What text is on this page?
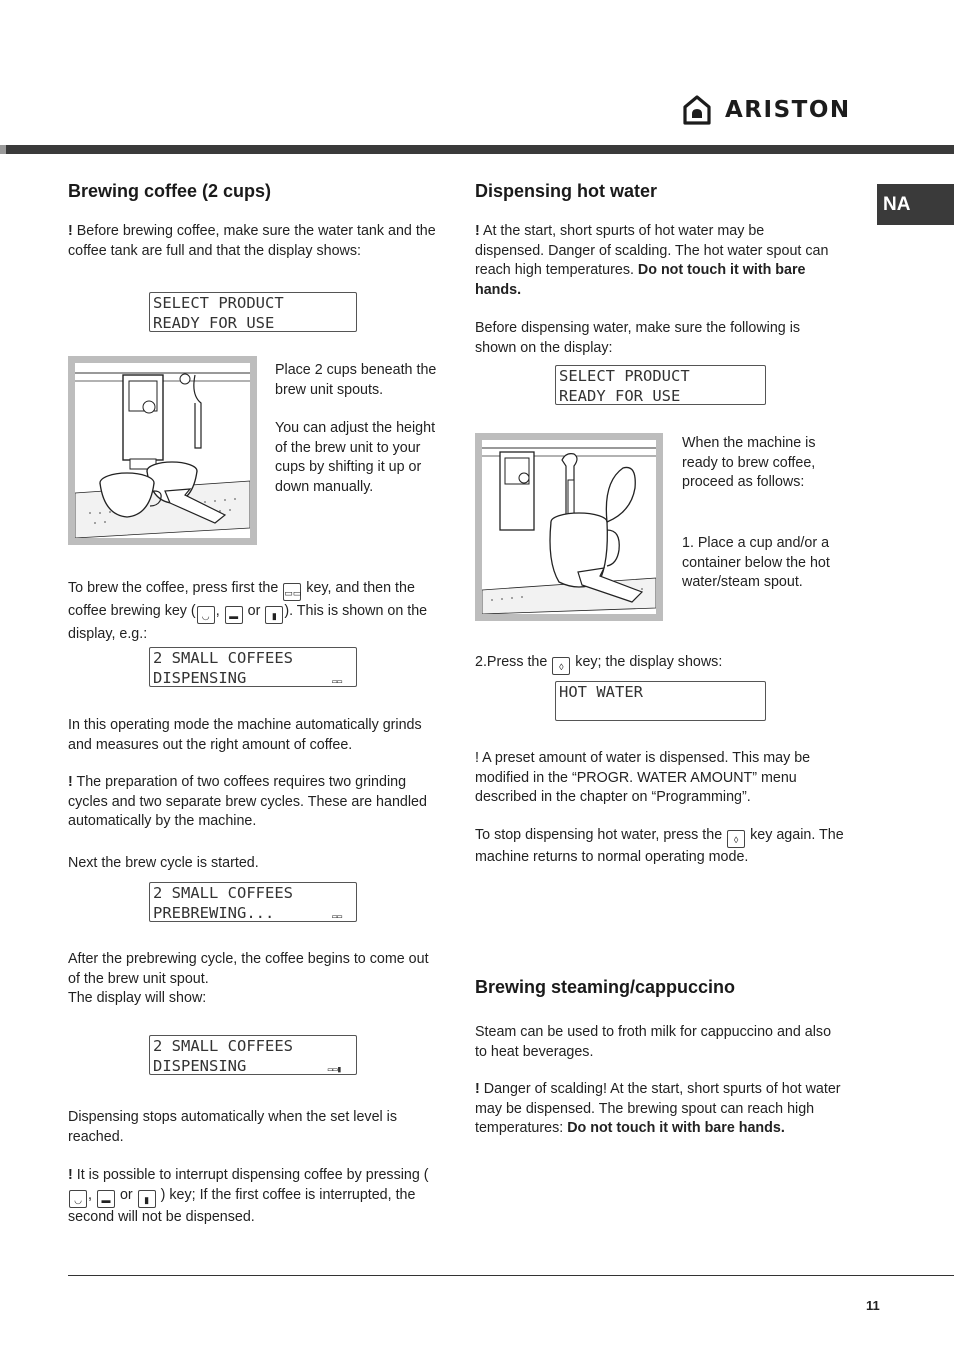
ARISTON
NA
Brewing coffee (2 cups)

! Before brewing coffee, make sure the water tank and the coffee tank are full and that the display shows:

SELECT PRODUCT
READY FOR USE

Place 2 cups beneath the brew unit spouts.

You can adjust the height of the brew unit to your cups by shifting it up or down manually.

To brew the coffee, press first the ▭▭ key, and then the coffee brewing key ( ◡ , ▬ or ▮ ). This is shown on the display, e.g.:

2 SMALL COFFEES
DISPENSING	▭▭

In this operating mode the machine automatically grinds and measures out the right amount of coffee.

! The preparation of two coffees requires two grinding cycles and two separate brew cycles. These are handled automatically by the machine.

Next the brew cycle is started.

2 SMALL COFFEES
PREBREWING...	▭▭

After the prebrewing cycle, the coffee begins to come out of the brew unit spout.
The display will show:

2 SMALL COFFEES
DISPENSING	▭▭▮

Dispensing stops automatically when the set level is reached.

! It is possible to interrupt dispensing coffee by pressing (◡ , ▬ or ▮ ) key; If the first coffee is interrupted, the second will not be dispensed.

Dispensing hot water

! At the start, short spurts of hot water may be dispensed. Danger of scalding. The hot water spout can reach high temperatures. Do not touch it with bare hands.

Before dispensing water, make sure the following is shown on the display:

SELECT PRODUCT
READY FOR USE

When the machine is ready to brew coffee, proceed as follows:

1. Place a cup and/or a container below the hot water/steam spout.

2.Press the ◊ key; the display shows:

HOT WATER

! A preset amount of water is dispensed. This may be modified in the “PROGR. WATER AMOUNT” menu described in the chapter on “Programming”.

To stop dispensing hot water, press the ◊ key again. The machine returns to normal operating mode.

Brewing steaming/cappuccino

Steam can be used to froth milk for cappuccino and also to heat beverages.

! Danger of scalding! At the start, short spurts of hot water may be dispensed. The brewing spout can reach high temperatures: Do not touch it with bare hands.

11
